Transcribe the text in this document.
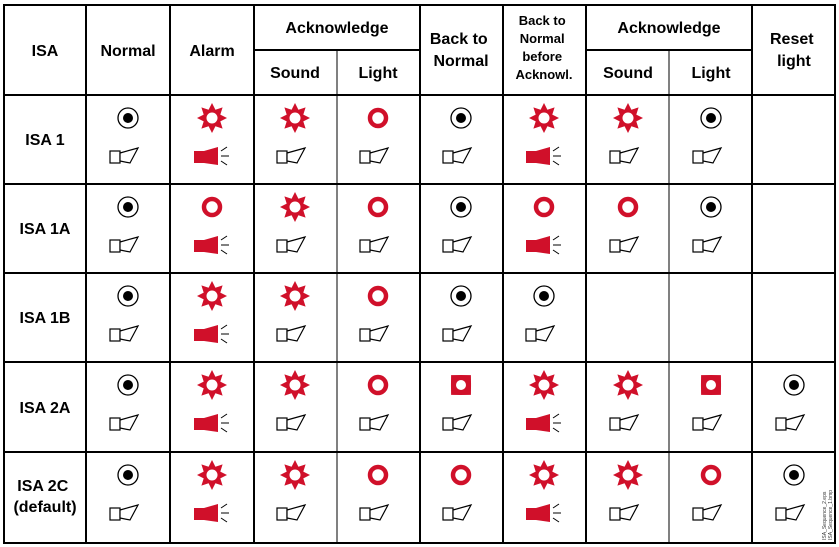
ISA	Normal Alarm
Acknowledge
Sound Light
Back to Normal
Back to Normal before Acknowl.
Acknowledge
Sound Light
Reset light
ISA 1
ISA 1A
ISA 1B
ISA 2A
ISA 2C (default)	ISA_Sequence_2.eps ISA_Sequence_1.bmp
